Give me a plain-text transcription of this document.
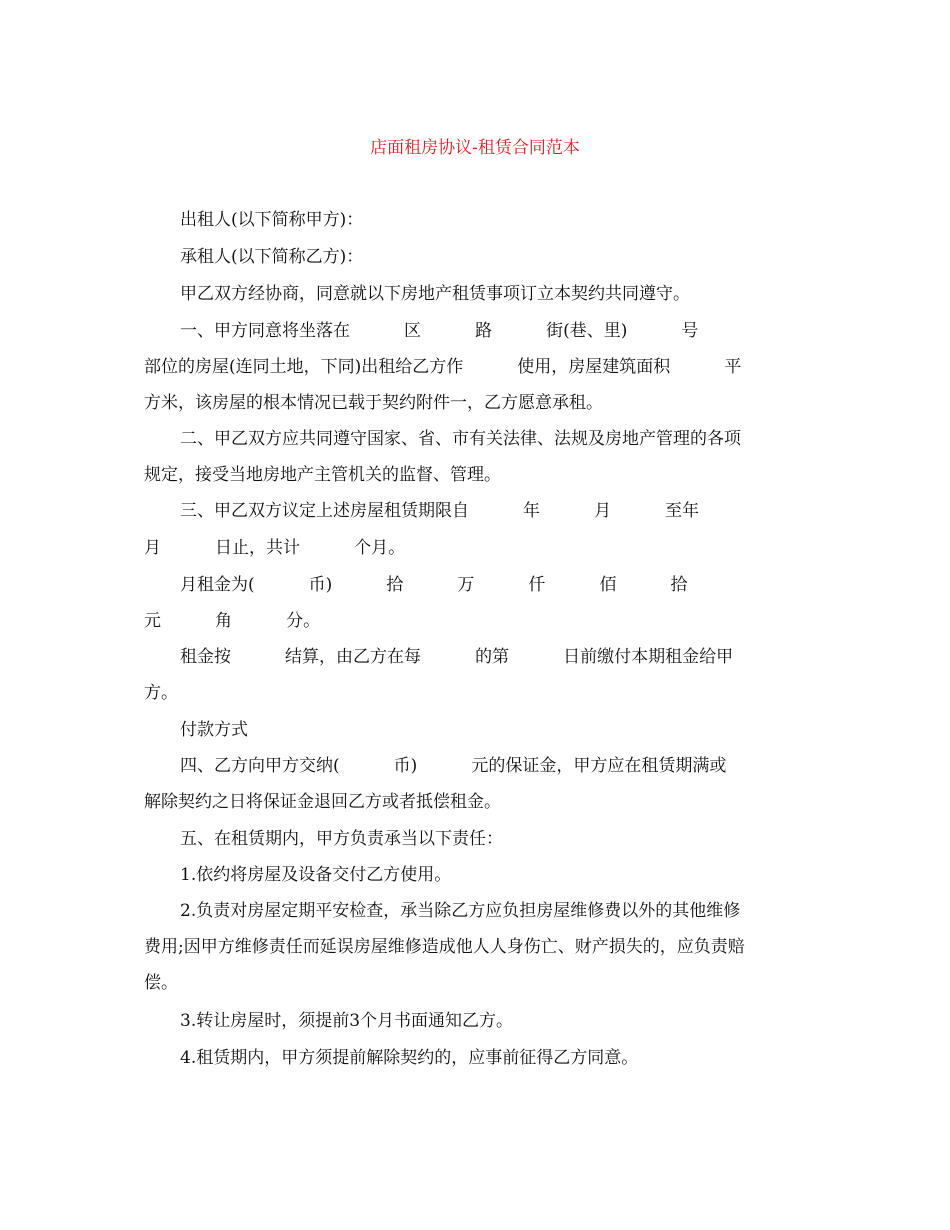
店面租房协议-租赁合同范本
出租人(以下简称甲方)：
承租人(以下简称乙方)：
甲乙双方经协商，同意就以下房地产租赁事项订立本契约共同遵守。
一、甲方同意将坐落在          区          路          街(巷、里)          号
部位的房屋(连同土地，下同)出租给乙方作          使用，房屋建筑面积          平
方米，该房屋的根本情况已载于契约附件一，乙方愿意承租。
二、甲乙双方应共同遵守国家、省、市有关法律、法规及房地产管理的各项
规定，接受当地房地产主管机关的监督、管理。
三、甲乙双方议定上述房屋租赁期限自          年          月          至年
月          日止，共计          个月。
月租金为(          币)          拾          万          仟          佰          拾
元          角          分。
租金按          结算，由乙方在每          的第          日前缴付本期租金给甲
方。
付款方式
四、乙方向甲方交纳(          币)          元的保证金，甲方应在租赁期满或
解除契约之日将保证金退回乙方或者抵偿租金。
五、在租赁期内，甲方负责承当以下责任：
1.依约将房屋及设备交付乙方使用。
2.负责对房屋定期平安检查，承当除乙方应负担房屋维修费以外的其他维修
费用;因甲方维修责任而延误房屋维修造成他人人身伤亡、财产损失的，应负责赔
偿。
3.转让房屋时，须提前3个月书面通知乙方。
4.租赁期内，甲方须提前解除契约的，应事前征得乙方同意。
